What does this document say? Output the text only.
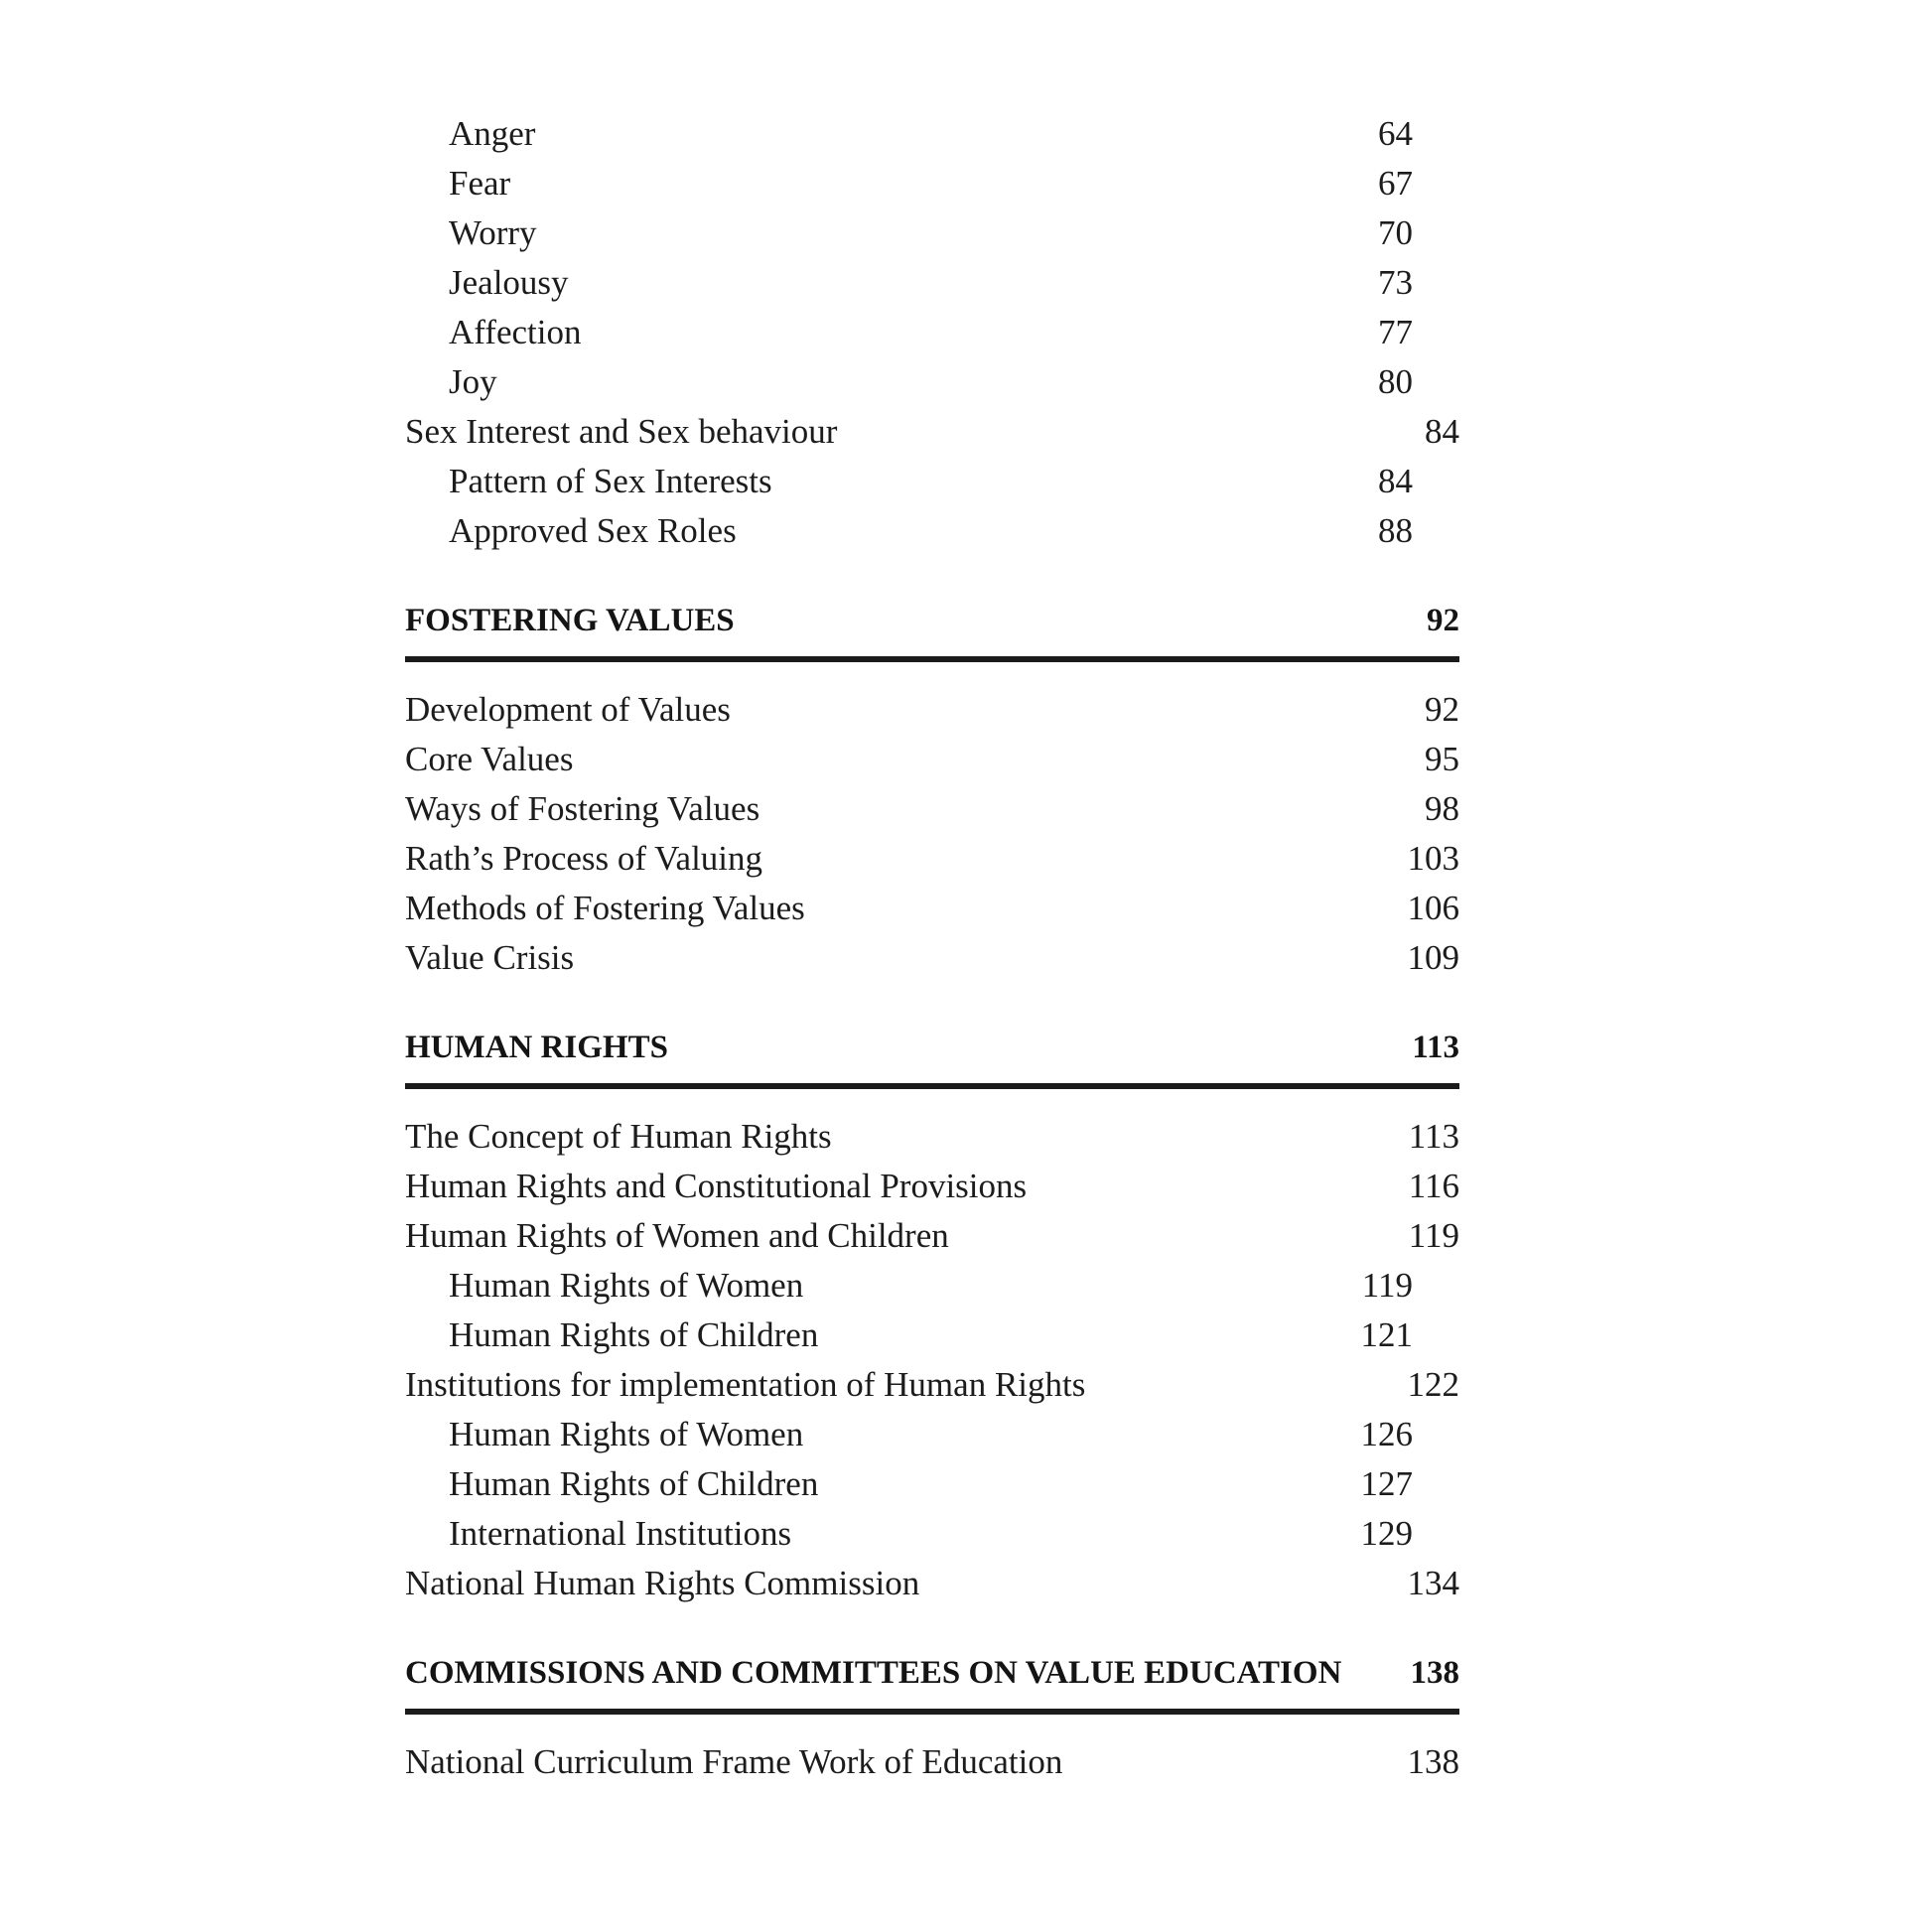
Anger	64
Fear	67
Worry	70
Jealousy	73
Affection	77
Joy	80
Sex Interest and Sex behaviour	84
Pattern of Sex Interests	84
Approved Sex Roles	88
FOSTERING VALUES	92
Development of Values	92
Core Values	95
Ways of Fostering Values	98
Rath’s Process of Valuing	103
Methods of Fostering Values	106
Value Crisis	109
HUMAN RIGHTS	113
The Concept of Human Rights	113
Human Rights and Constitutional Provisions	116
Human Rights of Women and Children	119
Human Rights of Women	119
Human Rights of Children	121
Institutions for implementation of Human Rights	122
Human Rights of Women	126
Human Rights of Children	127
International Institutions	129
National Human Rights Commission	134
COMMISSIONS AND COMMITTEES ON VALUE EDUCATION 138
National Curriculum Frame Work of Education	138
